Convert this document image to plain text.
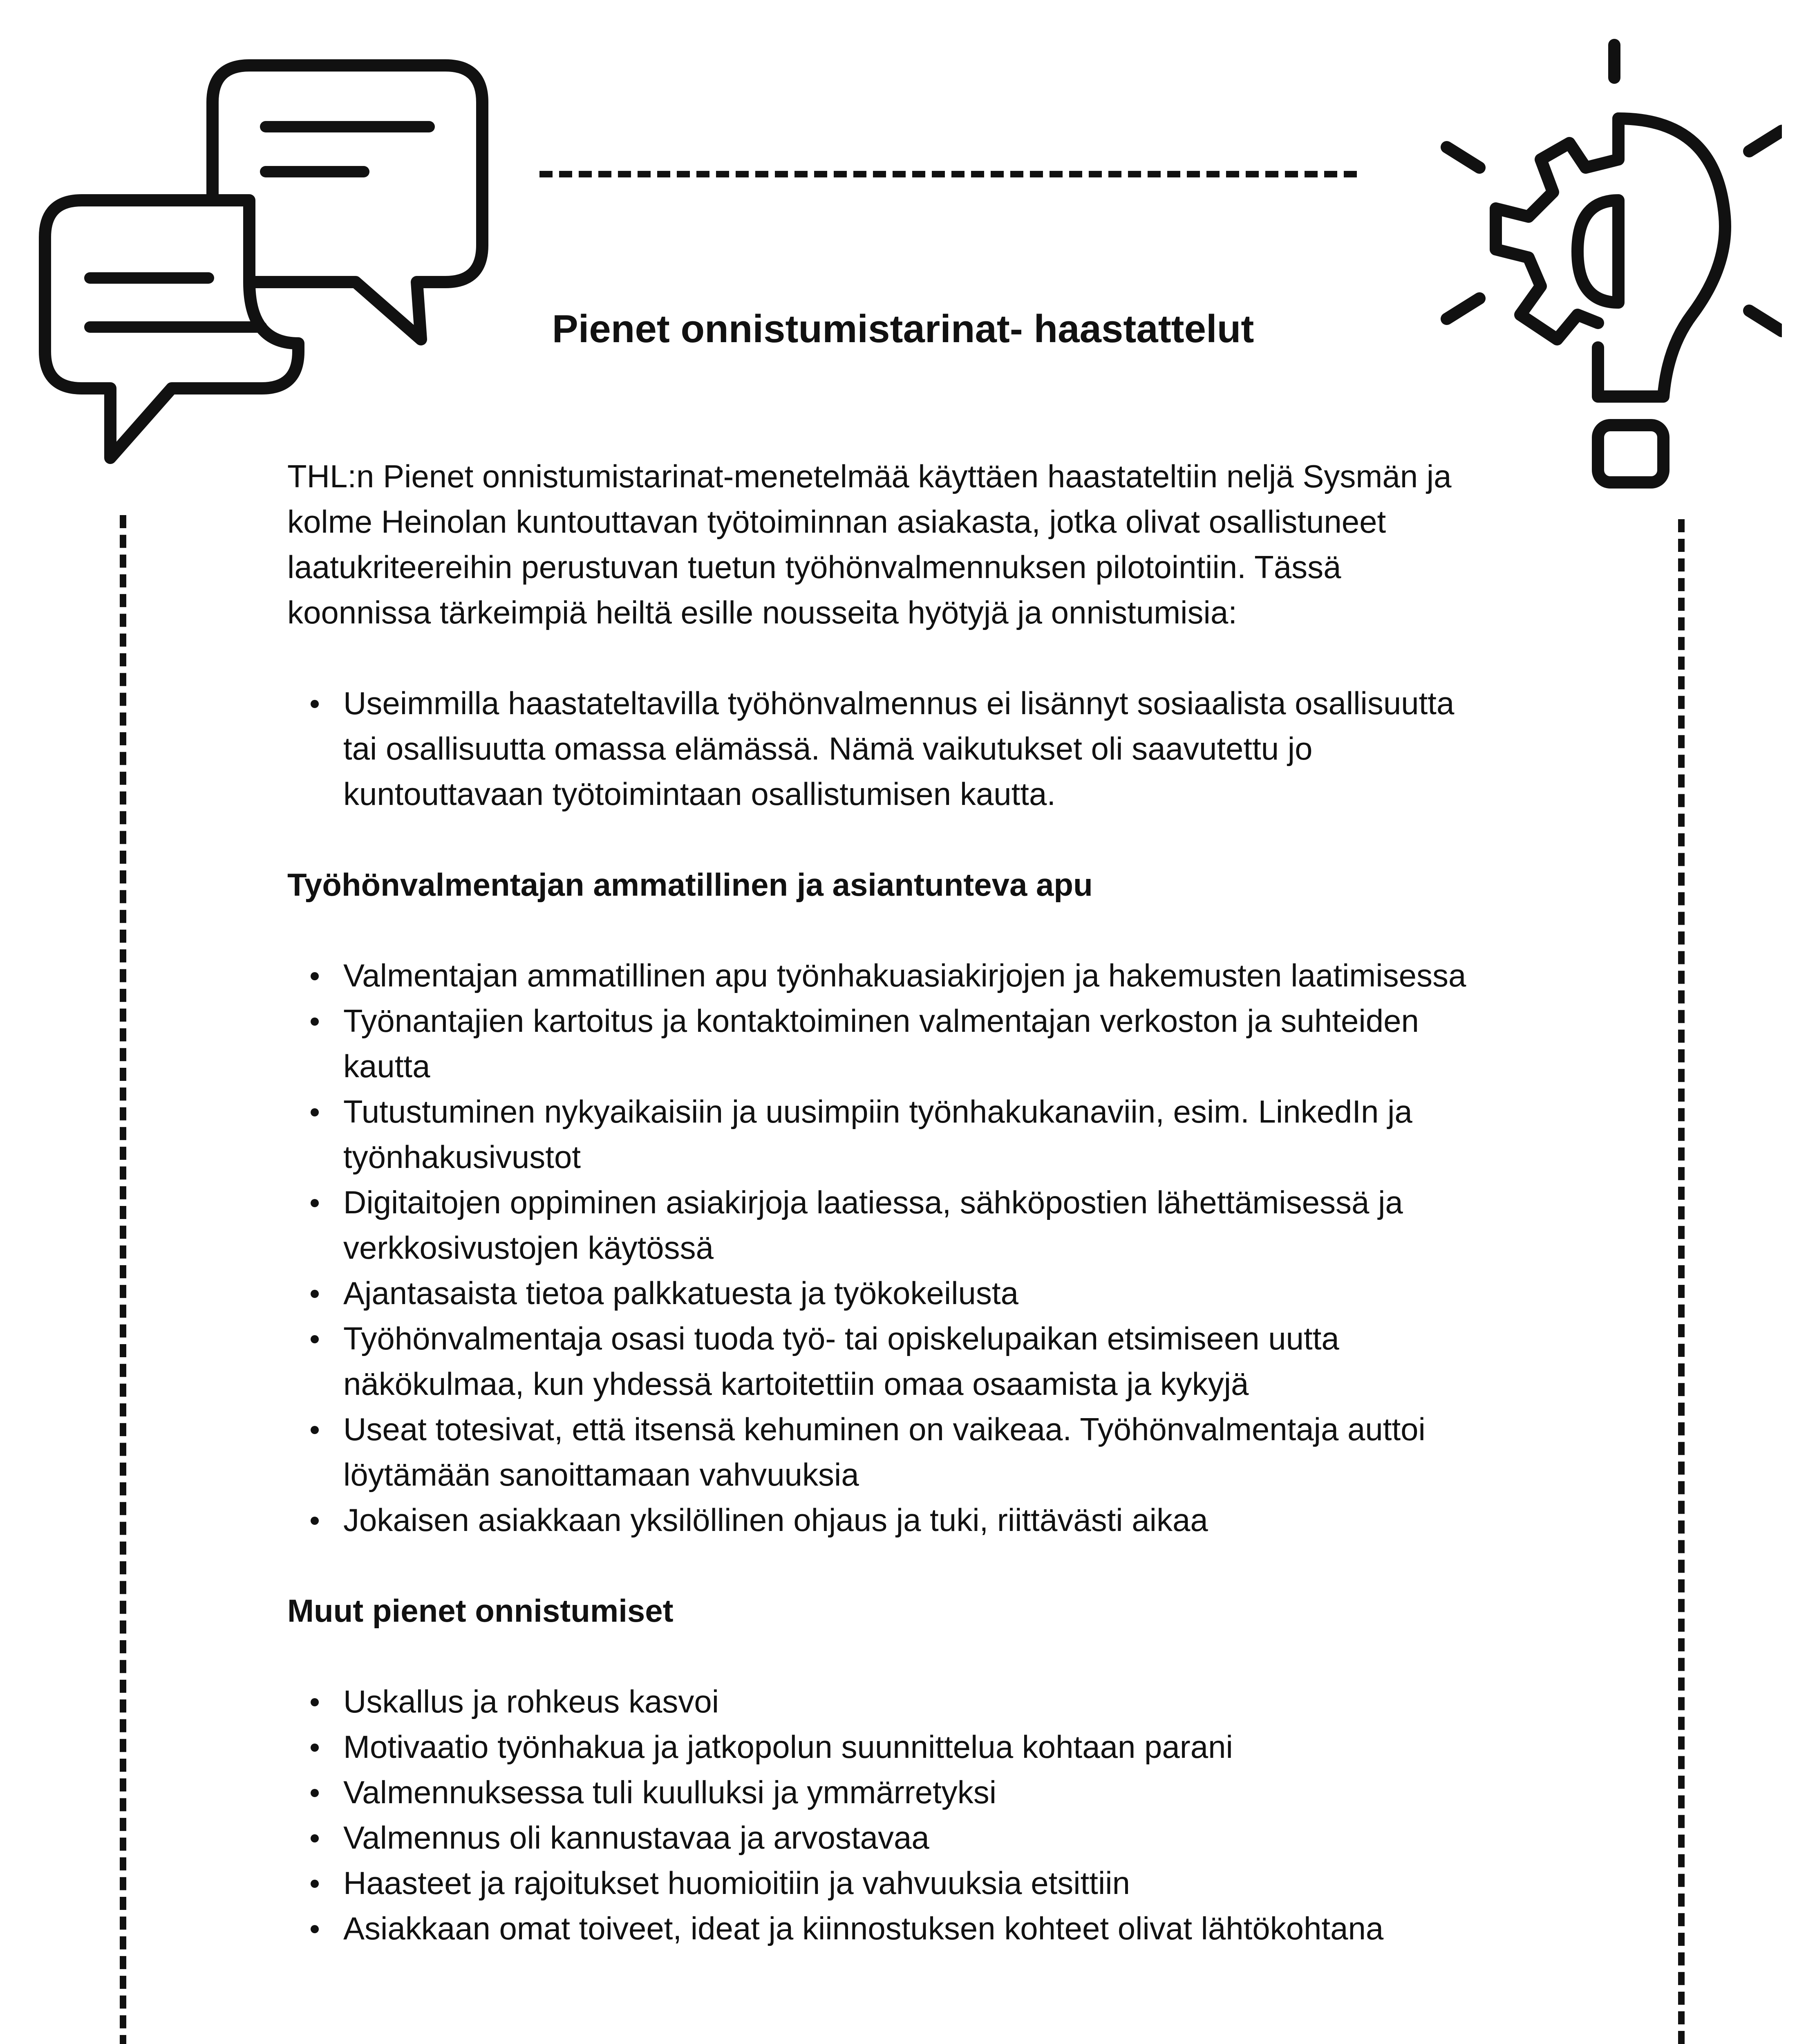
Pienet onnistumistarinat- haastattelut

THL:n Pienet onnistumistarinat-menetelmää käyttäen haastateltiin neljä Sysmän ja
kolme Heinolan kuntouttavan työtoiminnan asiakasta, jotka olivat osallistuneet
laatukriteereihin perustuvan tuetun työhönvalmennuksen pilotointiin. Tässä
koonnissa tärkeimpiä heiltä esille nousseita hyötyjä ja onnistumisia:

Useimmilla haastateltavilla työhönvalmennus ei lisännyt sosiaalista osallisuutta
tai osallisuutta omassa elämässä. Nämä vaikutukset oli saavutettu jo
kuntouttavaan työtoimintaan osallistumisen kautta.
Työhönvalmentajan ammatillinen ja asiantunteva apu
Valmentajan ammatillinen apu työnhakuasiakirjojen ja hakemusten laatimisessa
Työnantajien kartoitus ja kontaktoiminen valmentajan verkoston ja suhteiden
kautta
Tutustuminen nykyaikaisiin ja uusimpiin työnhakukanaviin, esim. LinkedIn ja
työnhakusivustot
Digitaitojen oppiminen asiakirjoja laatiessa, sähköpostien lähettämisessä ja
verkkosivustojen käytössä
Ajantasaista tietoa palkkatuesta ja työkokeilusta
Työhönvalmentaja osasi tuoda työ- tai opiskelupaikan etsimiseen uutta
näkökulmaa, kun yhdessä kartoitettiin omaa osaamista ja kykyjä
Useat totesivat, että itsensä kehuminen on vaikeaa. Työhönvalmentaja auttoi
löytämään sanoittamaan vahvuuksia
Jokaisen asiakkaan yksilöllinen ohjaus ja tuki, riittävästi aikaa
Muut pienet onnistumiset
Uskallus ja rohkeus kasvoi
Motivaatio työnhakua ja jatkopolun suunnittelua kohtaan parani
Valmennuksessa tuli kuulluksi ja ymmärretyksi
Valmennus oli kannustavaa ja arvostavaa
Haasteet ja rajoitukset huomioitiin ja vahvuuksia etsittiin
Asiakkaan omat toiveet, ideat ja kiinnostuksen kohteet olivat lähtökohtana
